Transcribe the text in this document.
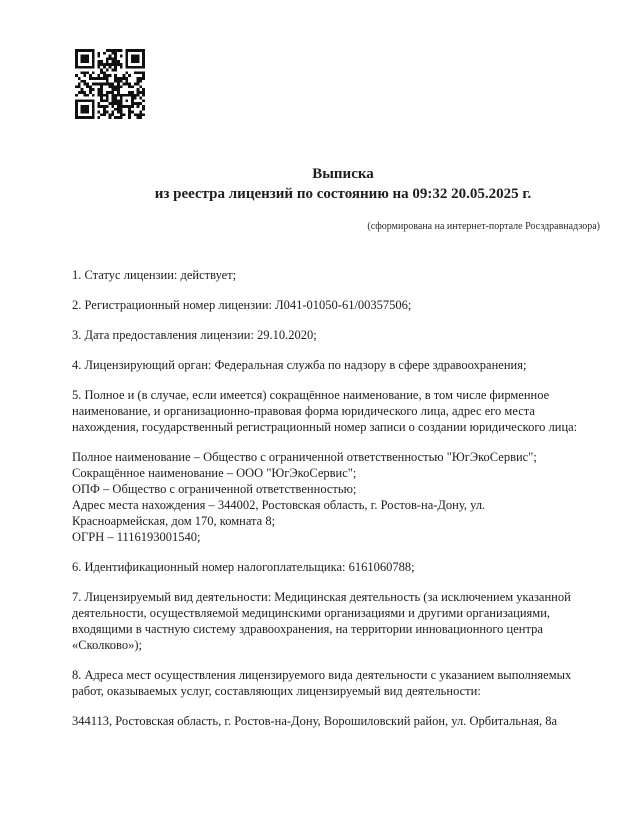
Выписка
из реестра лицензий по состоянию на 09:32 20.05.2025 г.
(сформирована на интернет-портале Росздравнадзора)

1. Статус лицензии: действует;

2. Регистрационный номер лицензии: Л041-01050-61/00357506;

3. Дата предоставления лицензии: 29.10.2020;

4. Лицензирующий орган: Федеральная служба по надзору в сфере здравоохранения;

5. Полное и (в случае, если имеется) сокращённое наименование, в том числе фирменное наименование, и организационно-правовая форма юридического лица, адрес его места нахождения, государственный регистрационный номер записи о создании юридического лица:

Полное наименование – Общество с ограниченной ответственностью "ЮгЭкоСервис";

Сокращённое наименование – ООО "ЮгЭкоСервис";

ОПФ – Общество с ограниченной ответственностью;

Адрес места нахождения – 344002, Ростовская область, г. Ростов-на-Дону, ул. Красноармейская, дом 170, комната 8;

ОГРН – 1116193001540;

6. Идентификационный номер налогоплательщика: 6161060788;

7. Лицензируемый вид деятельности: Медицинская деятельность (за исключением указанной деятельности, осуществляемой медицинскими организациями и другими организациями, входящими в частную систему здравоохранения, на территории инновационного центра «Сколково»);

8. Адреса мест осуществления лицензируемого вида деятельности с указанием выполняемых работ, оказываемых услуг, составляющих лицензируемый вид деятельности:

344113, Ростовская область, г. Ростов-на-Дону, Ворошиловский район, ул. Орбитальная, 8а
